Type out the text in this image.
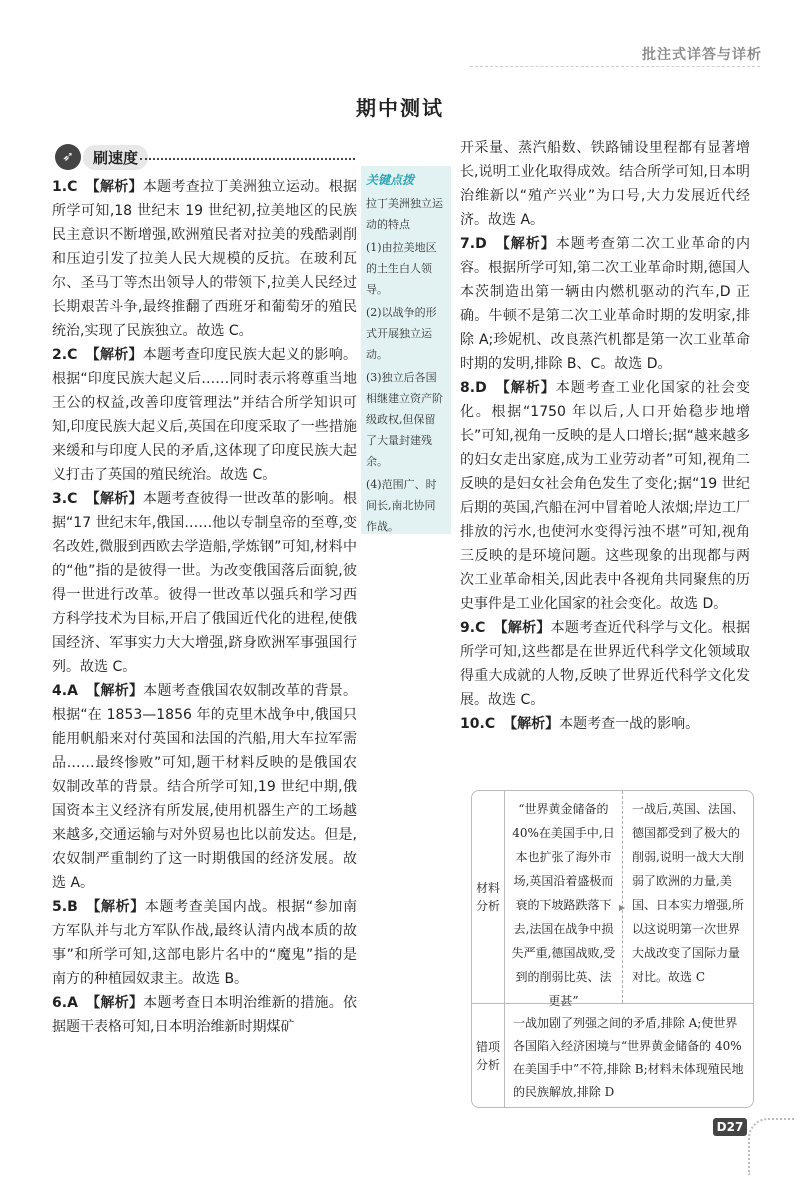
批注式详答与详析
期中测试
➶	刷速度

1.C 【解析】本题考查拉丁美洲独立运动。根据所学可知,18 世纪末 19 世纪初,拉美地区的民族民主意识不断增强,欧洲殖民者对拉美的残酷剥削和压迫引发了拉美人民大规模的反抗。在玻利瓦尔、圣马丁等杰出领导人的带领下,拉美人民经过长期艰苦斗争,最终推翻了西班牙和葡萄牙的殖民统治,实现了民族独立。故选 C。

2.C 【解析】本题考查印度民族大起义的影响。根据“印度民族大起义后……同时表示将尊重当地王公的权益,改善印度管理法”并结合所学知识可知,印度民族大起义后,英国在印度采取了一些措施来缓和与印度人民的矛盾,这体现了印度民族大起义打击了英国的殖民统治。故选 C。

3.C 【解析】本题考查彼得一世改革的影响。根据“17 世纪末年,俄国……他以专制皇帝的至尊,变名改姓,微服到西欧去学造船,学炼钢”可知,材料中的“他”指的是彼得一世。为改变俄国落后面貌,彼得一世进行改革。彼得一世改革以强兵和学习西方科学技术为目标,开启了俄国近代化的进程,使俄国经济、军事实力大大增强,跻身欧洲军事强国行列。故选 C。

4.A 【解析】本题考查俄国农奴制改革的背景。根据“在 1853—1856 年的克里木战争中,俄国只能用帆船来对付英国和法国的汽船,用大车拉军需品……最终惨败”可知,题干材料反映的是俄国农奴制改革的背景。结合所学可知,19 世纪中期,俄国资本主义经济有所发展,使用机器生产的工场越来越多,交通运输与对外贸易也比以前发达。但是,农奴制严重制约了这一时期俄国的经济发展。故选 A。

5.B 【解析】本题考查美国内战。根据“参加南方军队并与北方军队作战,最终认清内战本质的故事”和所学可知,这部电影片名中的“魔鬼”指的是南方的种植园奴隶主。故选 B。

6.A 【解析】本题考查日本明治维新的措施。依据题干表格可知,日本明治维新时期煤矿

关键点拨

拉丁美洲独立运动的特点

(1)由拉美地区的土生白人领导。

(2)以战争的形式开展独立运动。

(3)独立后各国相继建立资产阶级政权,但保留了大量封建残余。

(4)范围广、时间长,南北协同作战。

开采量、蒸汽船数、铁路铺设里程都有显著增长,说明工业化取得成效。结合所学可知,日本明治维新以“殖产兴业”为口号,大力发展近代经济。故选 A。

7.D 【解析】本题考查第二次工业革命的内容。根据所学可知,第二次工业革命时期,德国人本茨制造出第一辆由内燃机驱动的汽车,D 正确。牛顿不是第二次工业革命时期的发明家,排除 A;珍妮机、改良蒸汽机都是第一次工业革命时期的发明,排除 B、C。故选 D。

8.D 【解析】本题考查工业化国家的社会变化。根据“1750 年以后,人口开始稳步地增长”可知,视角一反映的是人口增长;据“越来越多的妇女走出家庭,成为工业劳动者”可知,视角二反映的是妇女社会角色发生了变化;据“19 世纪后期的英国,汽船在河中冒着呛人浓烟;岸边工厂排放的污水,也使河水变得污浊不堪”可知,视角三反映的是环境问题。这些现象的出现都与两次工业革命相关,因此表中各视角共同聚焦的历史事件是工业化国家的社会变化。故选 D。

9.C 【解析】本题考查近代科学与文化。根据所学可知,这些都是在世界近代科学文化领域取得重大成就的人物,反映了世界近代科学文化发展。故选 C。

10.C 【解析】本题考查一战的影响。

材料分析
“世界黄金储备的40%在美国手中,日本也扩张了海外市场,英国沿着盛极而衰的下坡路跌落下去,法国在战争中损失严重,德国战败,受到的削弱比英、法更甚”
▶
一战后,英国、法国、德国都受到了极大的削弱,说明一战大大削弱了欧洲的力量,美国、日本实力增强,所以这说明第一次世界大战改变了国际力量对比。故选 C
错项分析
一战加剧了列强之间的矛盾,排除 A;使世界各国陷入经济困境与“世界黄金储备的 40%在美国手中”不符,排除 B;材料未体现殖民地的民族解放,排除 D
D27
